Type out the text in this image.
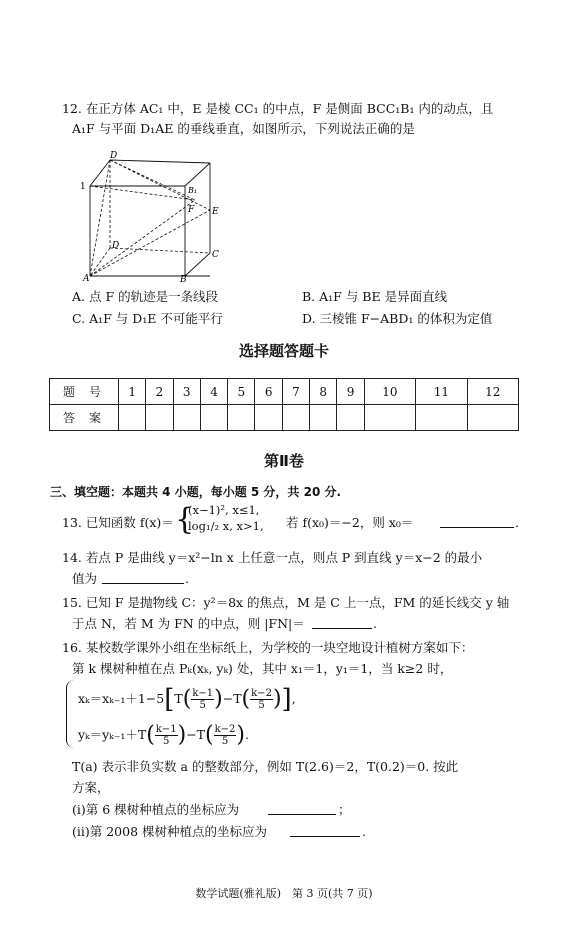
12. 在正方体 AC₁ 中，E 是棱 CC₁ 的中点，F 是侧面 BCC₁B₁ 内的动点，且
A₁F 与平面 D₁AE 的垂线垂直，如图所示，下列说法正确的是
D
1	B₁
F E
D
C
A	B
A. 点 F 的轨迹是一条线段	B. A₁F 与 BE 是异面直线
C. A₁F 与 D₁E 不可能平行	D. 三棱锥 F−ABD₁ 的体积为定值
选择题答题卡
题号	1	2	3	4	5	6	7	8	9	10	11	12
答案												
第Ⅱ卷
三、填空题：本题共 4 小题，每小题 5 分，共 20 分.
13. 已知函数 f(x)＝ {
(x−1)², x≤1,
log₁/₂ x, x>1, 若 f(x₀)＝−2，则 x₀＝	.
14. 若点 P 是曲线 y＝x²−ln x 上任意一点，则点 P 到直线 y＝x−2 的最小
值为	.
15. 已知 F 是抛物线 C：y²＝8x 的焦点，M 是 C 上一点，FM 的延长线交 y 轴
于点 N，若 M 为 FN 的中点，则 |FN|＝	.
16. 某校数学课外小组在坐标纸上，为学校的一块空地设计植树方案如下：
第 k 棵树种植在点 Pₖ(xₖ, yₖ) 处，其中 x₁＝1，y₁＝1，当 k≥2 时，
$x_k=x_{k-1}+1-5[T( \frac{k-1}{5} )-T( \frac{k-2}{5}$ )],
$y_k=y_{k-1}+T( \frac{k-1}{5} )-T( \frac{k-2}{5}$ ).
T(a) 表示非负实数 a 的整数部分，例如 T(2.6)＝2，T(0.2)＝0. 按此
方案，
(i)第 6 棵树种植点的坐标应为	；
(ii)第 2008 棵树种植点的坐标应为	.
数学试题(雅礼版)　第 3 页(共 7 页)
